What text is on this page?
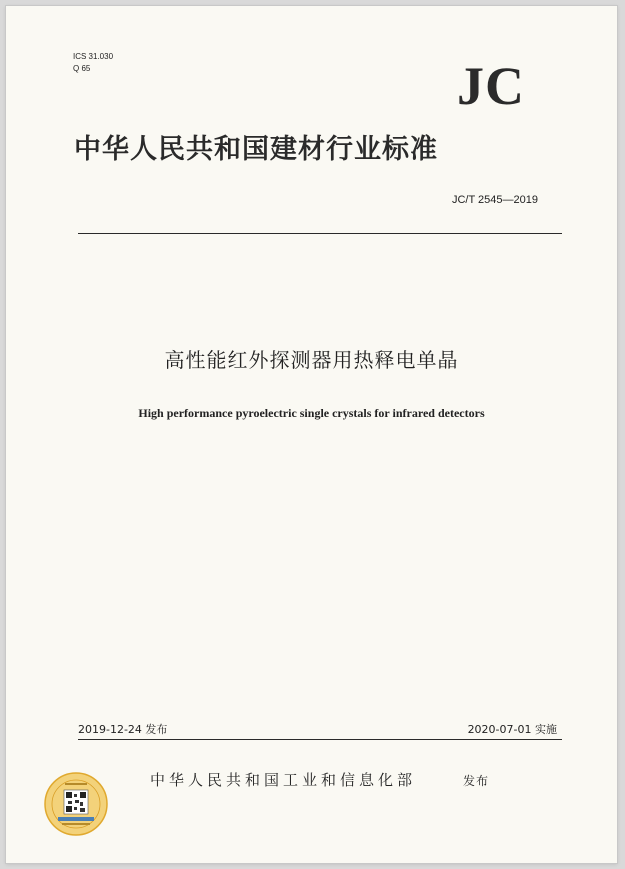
ICS 31.030
Q 65	JC
中华人民共和国建材行业标准
JC/T 2545—2019
高性能红外探测器用热释电单晶
High performance pyroelectric single crystals for infrared detectors
2019-12-24 发布	2020-07-01 实施
中华人民共和国工业和信息化部	发布
